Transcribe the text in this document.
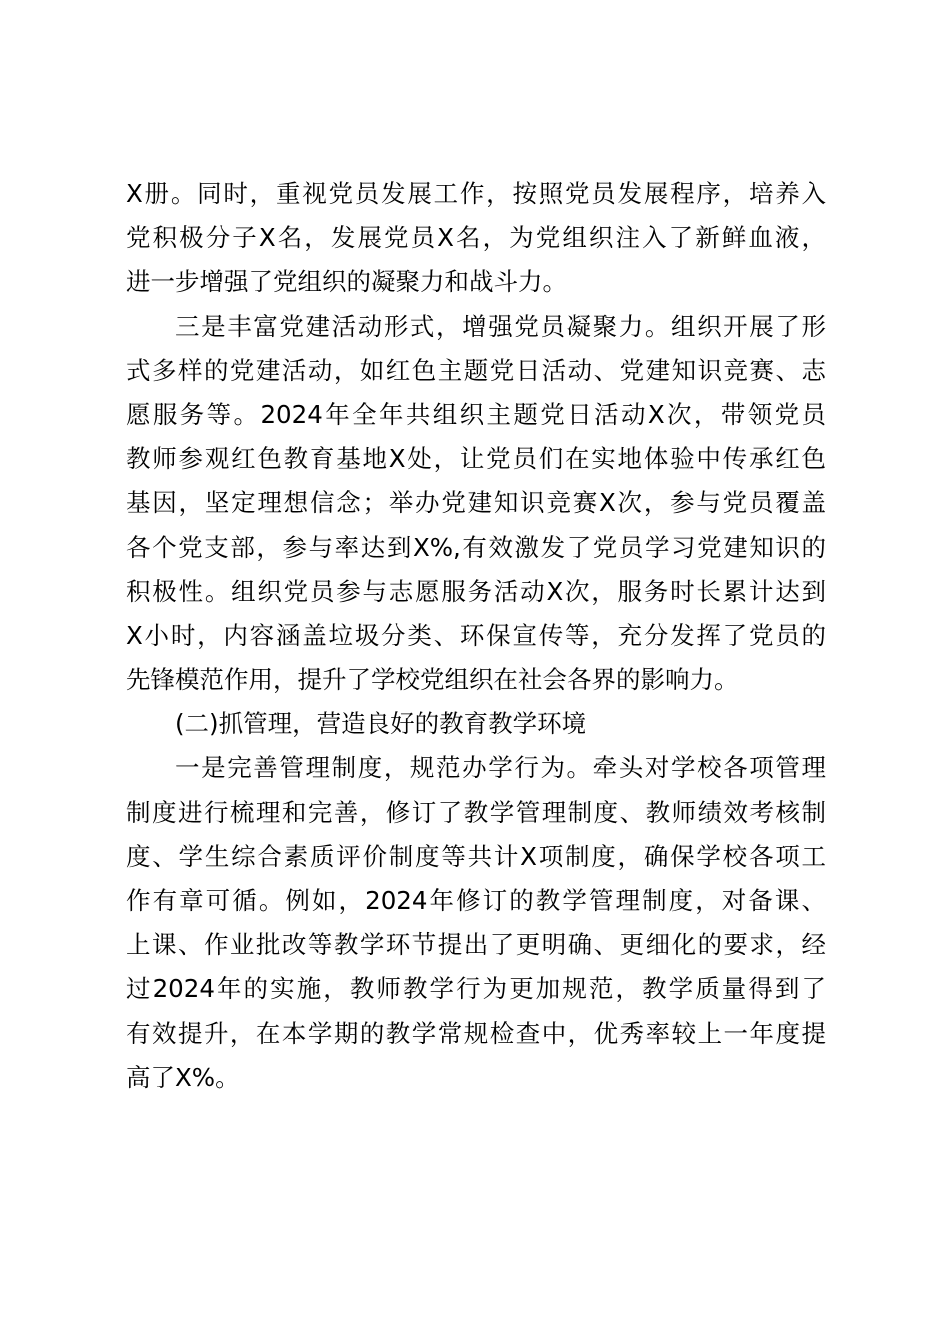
X册。同时，重视党员发展工作，按照党员发展程序，培养入
党积极分子X名，发展党员X名，为党组织注入了新鲜血液，
进一步增强了党组织的凝聚力和战斗力。
三是丰富党建活动形式，增强党员凝聚力。组织开展了形
式多样的党建活动，如红色主题党日活动、党建知识竞赛、志
愿服务等。2024年全年共组织主题党日活动X次，带领党员
教师参观红色教育基地X处，让党员们在实地体验中传承红色
基因，坚定理想信念；举办党建知识竞赛X次，参与党员覆盖
各个党支部，参与率达到X%,有效激发了党员学习党建知识的
积极性。组织党员参与志愿服务活动X次，服务时长累计达到
X小时，内容涵盖垃圾分类、环保宣传等，充分发挥了党员的
先锋模范作用，提升了学校党组织在社会各界的影响力。
(二)抓管理，营造良好的教育教学环境
一是完善管理制度，规范办学行为。牵头对学校各项管理
制度进行梳理和完善，修订了教学管理制度、教师绩效考核制
度、学生综合素质评价制度等共计X项制度，确保学校各项工
作有章可循。例如，2024年修订的教学管理制度，对备课、
上课、作业批改等教学环节提出了更明确、更细化的要求，经
过2024年的实施，教师教学行为更加规范，教学质量得到了
有效提升，在本学期的教学常规检查中，优秀率较上一年度提
高了X%。
